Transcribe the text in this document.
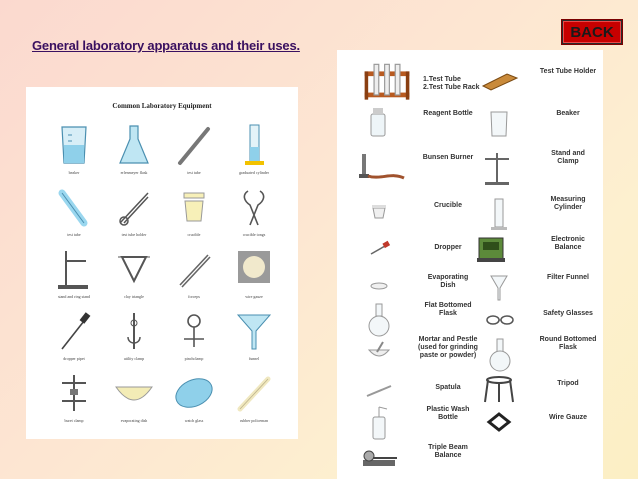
BACK
General laboratory apparatus and their uses.
Common Laboratory Equipment
beaker	erlenmeyer flask	test tube	graduated cylinder
test tube	test tube holder	crucible	crucible tongs
stand and ring stand	clay triangle	forceps	wire gauze
dropper pipet	utility clamp	pinchclamp	funnel
buret clamp	evaporating dish	watch glass	rubber policeman
1.Test Tube
2.Test Tube Rack
Test Tube Holder
Reagent Bottle	Beaker
Bunsen Burner
Stand and
Clamp
Crucible
Measuring
Cylinder
Dropper
Electronic
Balance
Evaporating
Dish
Filter Funnel
Flat Bottomed
Flask	Safety Glasses
Mortar and Pestle
(used for grinding
paste or powder)
Round Bottomed
Flask
Spatula
Tripod
Plastic Wash
Bottle	Wire Gauze
Triple Beam
Balance
